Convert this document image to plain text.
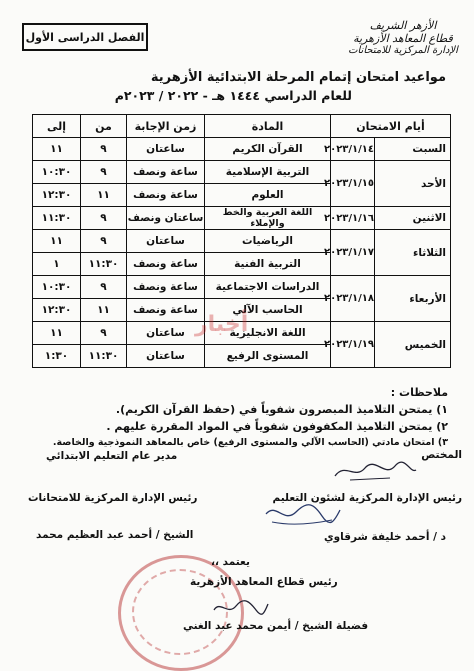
الفصل الدراسى الأول
الأزهر الشريف
قطاع المعاهد الأزهرية
الإدارة المركزية للامتحانات
مواعيد امتحان إتمام المرحلة الابتدائية الأزهرية
للعام الدراسي ١٤٤٤ هـ - ٢٠٢٢ / ٢٠٢٣م
أيام الامتحان		المادة	زمن الإجابة	من	إلى
السبت	٢٠٢٣/١/١٤	القرآن الكريم	ساعتان	٩	١١
الأحد	٢٠٢٣/١/١٥	التربية الإسلامية	ساعة ونصف	٩	١٠:٣٠
		العلوم	ساعة ونصف	١١	١٢:٣٠
الاثنين	٢٠٢٣/١/١٦	اللغة العربية والخط والإملاء	ساعتان ونصف	٩	١١:٣٠
الثلاثاء	٢٠٢٣/١/١٧	الرياضيات	ساعتان	٩	١١
		التربية الفنية	ساعة ونصف	١١:٣٠	١
الأربعاء	٢٠٢٣/١/١٨	الدراسات الاجتماعية	ساعة ونصف	٩	١٠:٣٠
		الحاسب الآلي	ساعة ونصف	١١	١٢:٣٠
الخميس	٢٠٢٣/١/١٩	اللغة الانجليزية	ساعتان	٩	١١
		المستوى الرفيع	ساعتان	١١:٣٠	١:٣٠
أخبار
ملاحظات :
١) يمتحن التلاميذ المبصرون شفوياً في (حفظ القرآن الكريم).
٢) يمتحن التلاميذ المكفوفون شفوياً في المواد المقررة عليهم .
٣) امتحان مادتي (الحاسب الآلي والمستوى الرفيع) خاص بالمعاهد النموذجية والخاصة.
المختص
مدير عام التعليم الابتدائي
رئيس الإدارة المركزية لشئون التعليم
رئيس الإدارة المركزية للامتحانات
د / أحمد خليفة شرقاوي
الشيخ / أحمد عبد العظيم محمد
يعتمد ،،
رئيس قطاع المعاهد الأزهرية
فضيلة الشيخ / أيمن محمد عبد الغني
